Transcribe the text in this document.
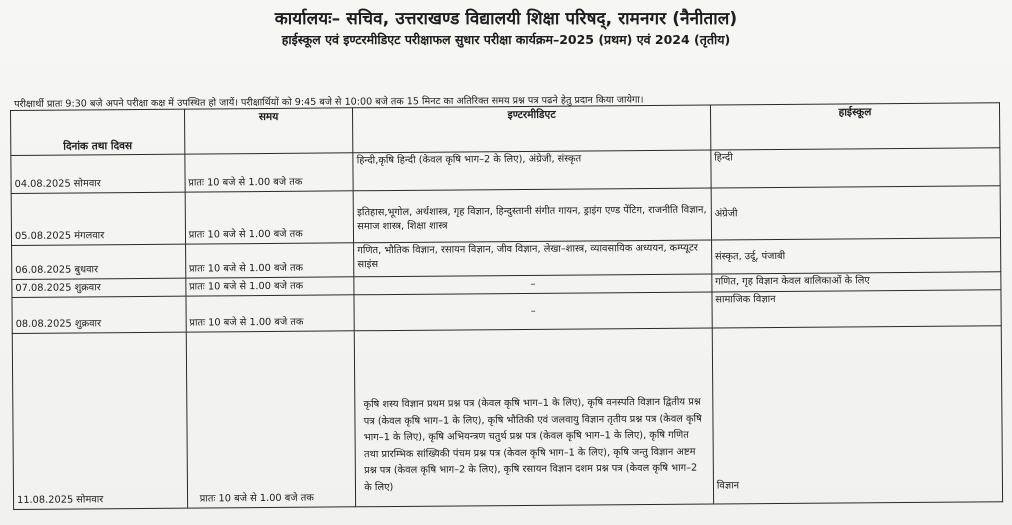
कार्यालयः– सचिव, उत्तराखण्ड विद्यालयी शिक्षा परिषद्, रामनगर (नैनीताल)
हाईस्कूल एवं इण्टरमीडिएट परीक्षाफल सुधार परीक्षा कार्यक्रम–2025 (प्रथम) एवं 2024 (तृतीय)
परीक्षार्थी प्रातः 9:30 बजे अपने परीक्षा कक्ष में उपस्थित हो जायें। परीक्षार्थियों को 9:45 बजे से 10:00 बजे तक 15 मिनट का अतिरिक्त समय प्रश्न पत्र पढने हेतु प्रदान किया जायेगा।
दिनांक तथा दिवस	समय	इण्टरमीडिएट	हाईस्कूल
04.08.2025 सोमवार	प्रातः 10 बजे से 1.00 बजे तक	हिन्दी,कृषि हिन्दी (केवल कृषि भाग–2 के लिए), अंग्रेजी, संस्कृत	हिन्दी
05.08.2025 मंगलवार	प्रातः 10 बजे से 1.00 बजे तक	इतिहास,भूगोल, अर्थशास्त्र, गृह विज्ञान, हिन्दुस्तानी संगीत गायन, ड्राइंग एण्ड पेंटिग, राजनीति विज्ञान, समाज शास्त्र, शिक्षा शास्त्र	अंग्रेजी
06.08.2025 बुधवार	प्रातः 10 बजे से 1.00 बजे तक	गणित, भौतिक विज्ञान, रसायन विज्ञान, जीव विज्ञान, लेखा–शास्त्र, व्यावसायिक अध्ययन, कम्प्यूटर साइंस	संस्कृत, उर्दू, पंजाबी
07.08.2025 शुक्रवार	प्रातः 10 बजे से 1.00 बजे तक	–	गणित, गृह विज्ञान केवल बालिकाओं के लिए
08.08.2025 शुक्रवार	प्रातः 10 बजे से 1.00 बजे तक	–	सामाजिक विज्ञान
11.08.2025 सोमवार	प्रातः 10 बजे से 1.00 बजे तक	कृषि शस्य विज्ञान प्रथम प्रश्न पत्र (केवल कृषि भाग–1 के लिए), कृषि वनस्पति विज्ञान द्वितीय प्रश्न पत्र (केवल कृषि भाग–1 के लिए), कृषि भौतिकी एवं जलवायु विज्ञान तृतीय प्रश्न पत्र (केवल कृषि भाग–1 के लिए), कृषि अभियन्त्रण चतुर्थ प्रश्न पत्र (केवल कृषि भाग–1 के लिए), कृषि गणित तथा प्रारम्भिक सांख्यिकी पंचम प्रश्न पत्र (केवल कृषि भाग–1 के लिए), कृषि जन्तु विज्ञान अष्टम प्रश्न पत्र (केवल कृषि भाग–2 के लिए), कृषि रसायन विज्ञान दशम प्रश्न पत्र (केवल कृषि भाग–2 के लिए)	विज्ञान
